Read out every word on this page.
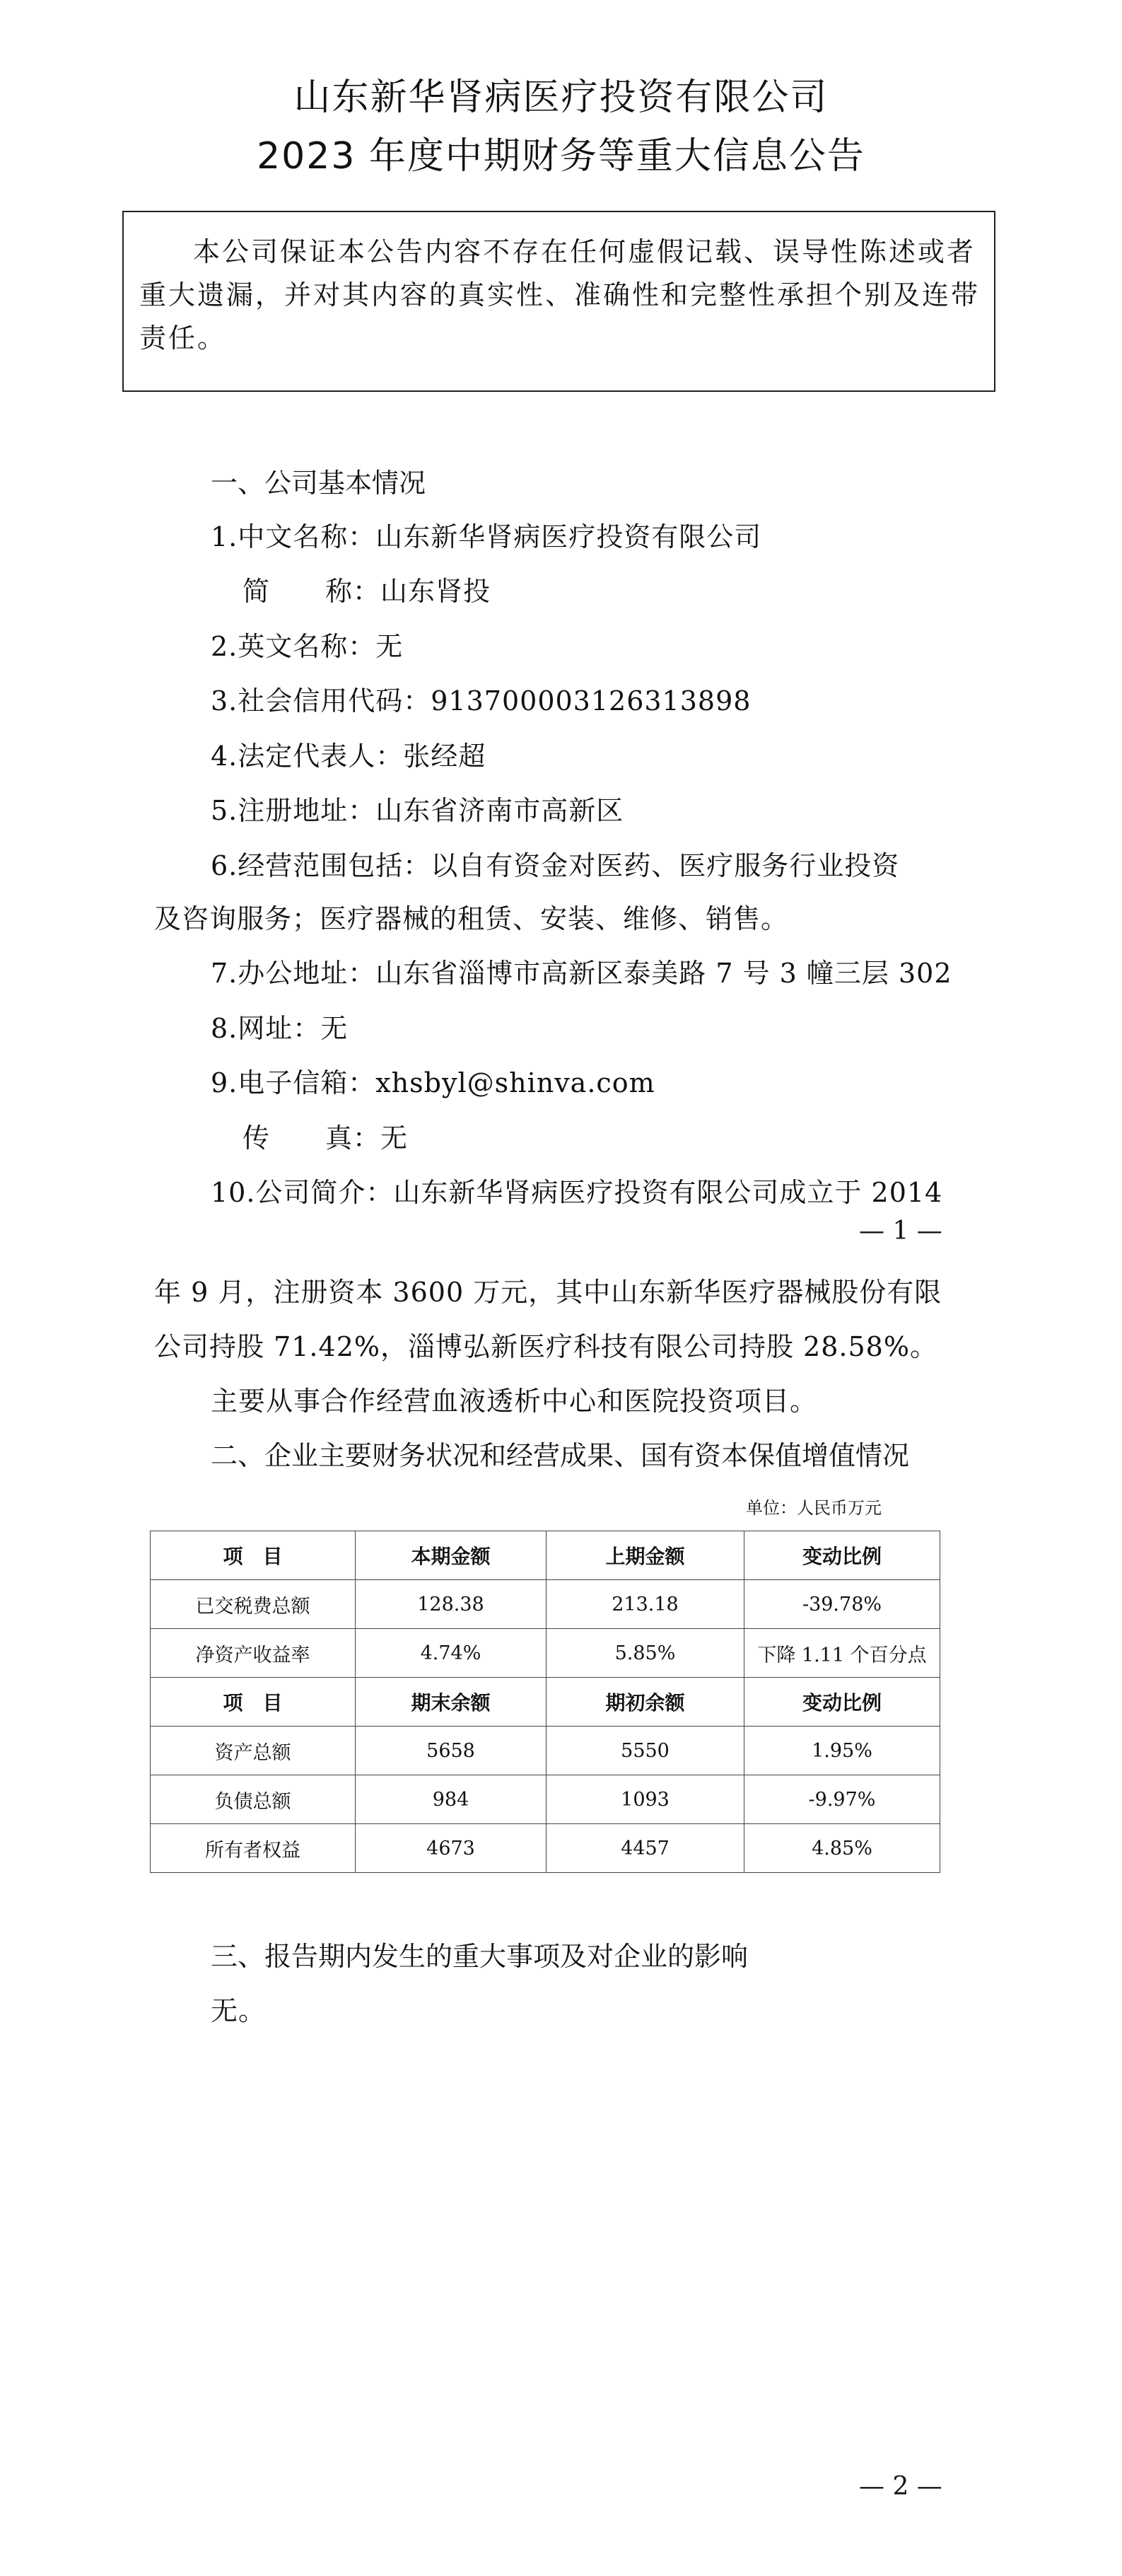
山东新华肾病医疗投资有限公司
2023 年度中期财务等重大信息公告

本公司保证本公告内容不存在任何虚假记载、误导性陈述或者重大遗漏，并对其内容的真实性、准确性和完整性承担个别及连带责任。

一、公司基本情况
1.中文名称：山东新华肾病医疗投资有限公司
简　　称：山东肾投
2.英文名称：无
3.社会信用代码：913700003126313898
4.法定代表人：张经超
5.注册地址：山东省济南市高新区
6.经营范围包括：以自有资金对医药、医疗服务行业投资
及咨询服务；医疗器械的租赁、安装、维修、销售。
7.办公地址：山东省淄博市高新区泰美路 7 号 3 幢三层 302
8.网址：无
9.电子信箱：xhsbyl@shinva.com
传　　真：无
10.公司简介：山东新华肾病医疗投资有限公司成立于 2014
— 1 —
年 9 月，注册资本 3600 万元，其中山东新华医疗器械股份有限
公司持股 71.42%，淄博弘新医疗科技有限公司持股 28.58%。
主要从事合作经营血液透析中心和医院投资项目。
二、企业主要财务状况和经营成果、国有资本保值增值情况
单位：人民币万元
项　目	本期金额	上期金额	变动比例
已交税费总额	128.38	213.18	-39.78%
净资产收益率	4.74%	5.85%	下降 1.11 个百分点
项　目	期末余额	期初余额	变动比例
资产总额	5658	5550	1.95%
负债总额	984	1093	-9.97%
所有者权益	4673	4457	4.85%
三、报告期内发生的重大事项及对企业的影响
无。
— 2 —
